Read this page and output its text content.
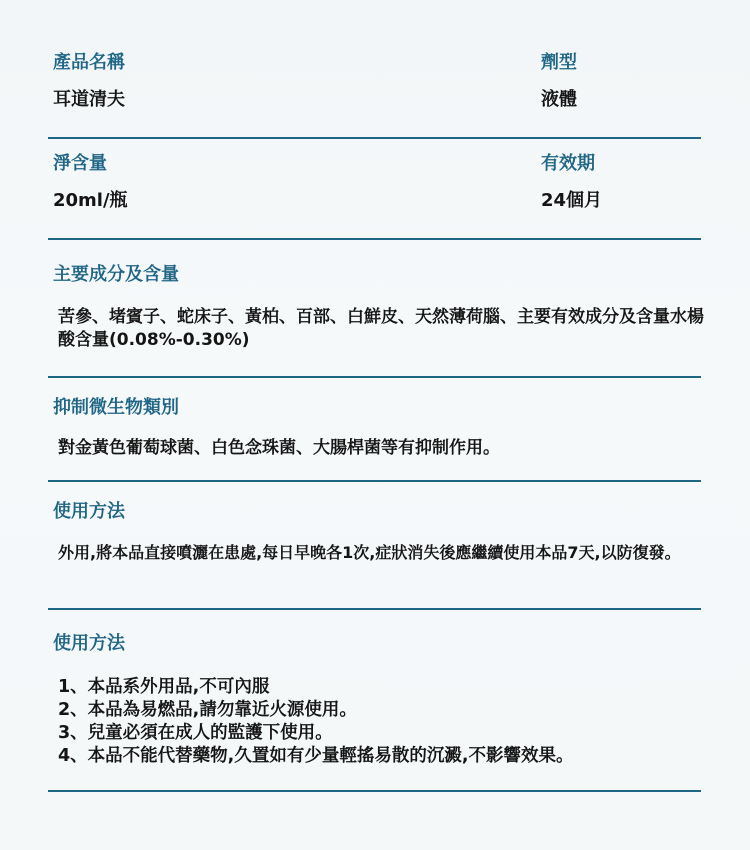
產品名稱
耳道清夫
劑型
液體
淨含量
20ml/瓶
有效期
24個月
主要成分及含量
苦參、堵賓子、蛇床子、黃柏、百部、白鮮皮、天然薄荷腦、主要有效成分及含量水楊酸含量(0.08%-0.30%)
抑制微生物類別
對金黃色葡萄球菌、白色念珠菌、大腸桿菌等有抑制作用。
使用方法
外用,將本品直接噴灑在患處,每日早晚各1次,症狀消失後應繼續使用本品7天,以防復發。
使用方法
1、本品系外用品,不可內服
2、本品為易燃品,請勿靠近火源使用。
3、兒童必須在成人的監護下使用。
4、本品不能代替藥物,久置如有少量輕搖易散的沉澱,不影響效果。
